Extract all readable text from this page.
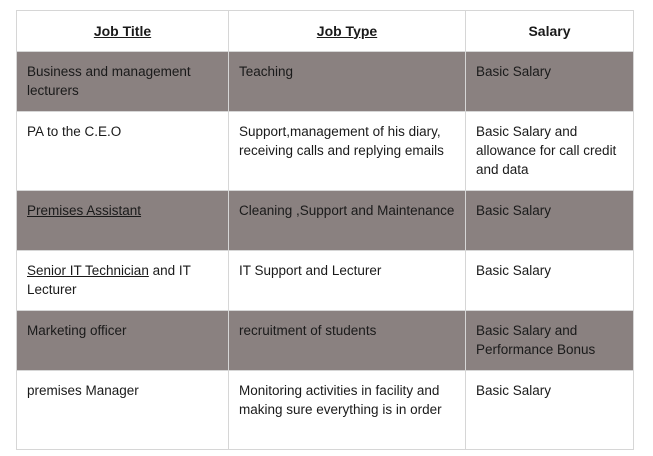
Job Title	Job Type	Salary
Business and management lecturers	Teaching	Basic Salary
PA to the C.E.O	Support,management of his diary, receiving calls and replying emails	Basic Salary and allowance for call credit and data
Premises Assistant	Cleaning ,Support and Maintenance	Basic Salary
Senior IT Technician and IT Lecturer	IT Support and Lecturer	Basic Salary
Marketing officer	recruitment of students	Basic Salary and Performance Bonus
premises Manager	Monitoring activities in facility and making sure everything is in order	Basic Salary
